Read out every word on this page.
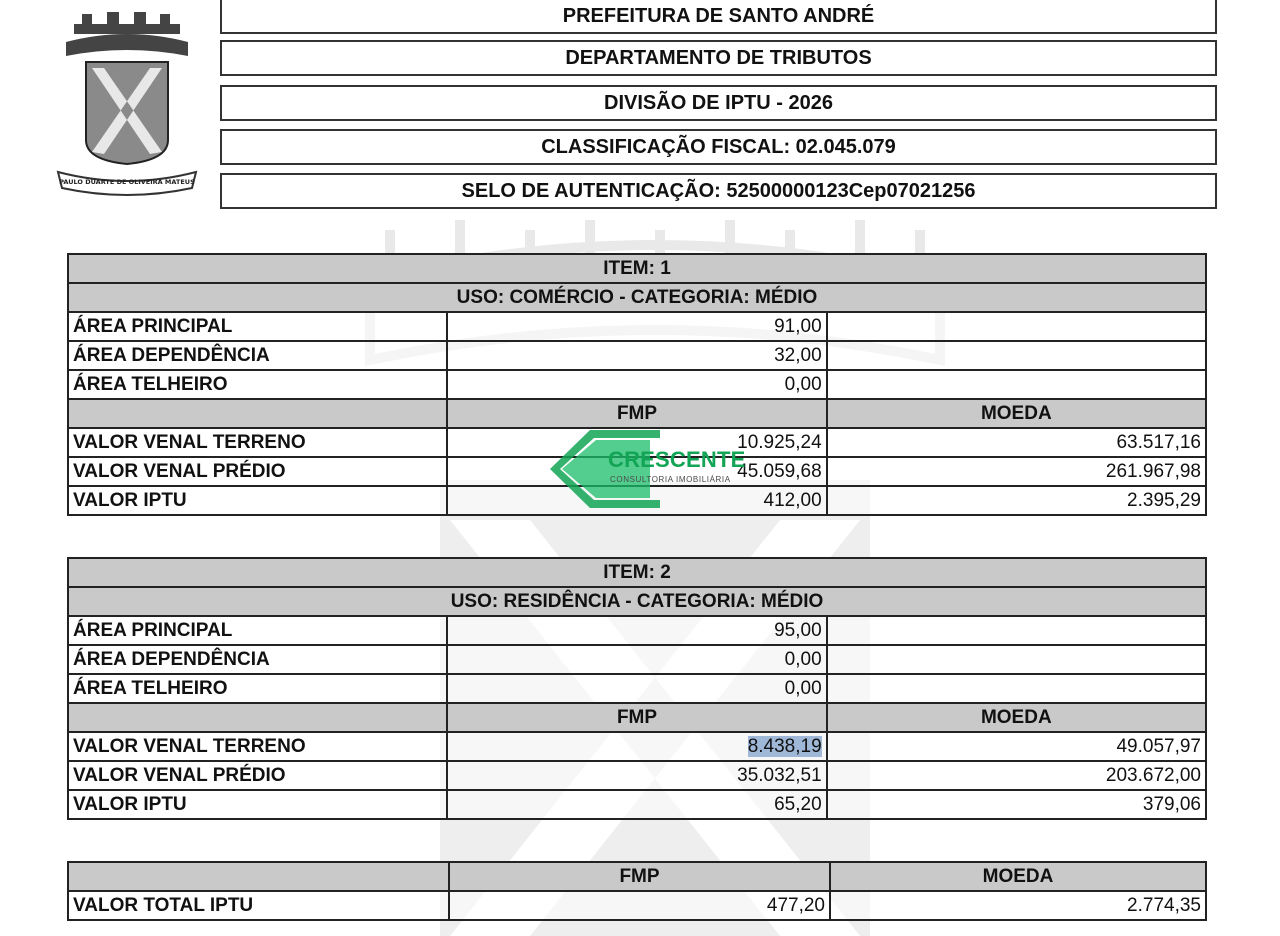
PAULO DUARTE DE OLIVEIRA MATEUS
PREFEITURA DE SANTO ANDRÉ
DEPARTAMENTO DE TRIBUTOS
DIVISÃO DE IPTU - 2026
CLASSIFICAÇÃO FISCAL: 02.045.079
SELO DE AUTENTICAÇÃO: 52500000123Cep07021256
ITEM: 1		
USO: COMÉRCIO - CATEGORIA: MÉDIO		
ÁREA PRINCIPAL	91,00	
ÁREA DEPENDÊNCIA	32,00	
ÁREA TELHEIRO	0,00	
	FMP	MOEDA
VALOR VENAL TERRENO	10.925,24	63.517,16
VALOR VENAL PRÉDIO	45.059,68	261.967,98
VALOR IPTU	412,00	2.395,29
ITEM: 2		
USO: RESIDÊNCIA - CATEGORIA: MÉDIO		
ÁREA PRINCIPAL	95,00	
ÁREA DEPENDÊNCIA	0,00	
ÁREA TELHEIRO	0,00	
	FMP	MOEDA
VALOR VENAL TERRENO	8.438,19	49.057,97
VALOR VENAL PRÉDIO	35.032,51	203.672,00
VALOR IPTU	65,20	379,06
	FMP	MOEDA
VALOR TOTAL IPTU	477,20	2.774,35
CRESCENTE
CONSULTORIA IMOBILIÁRIA
